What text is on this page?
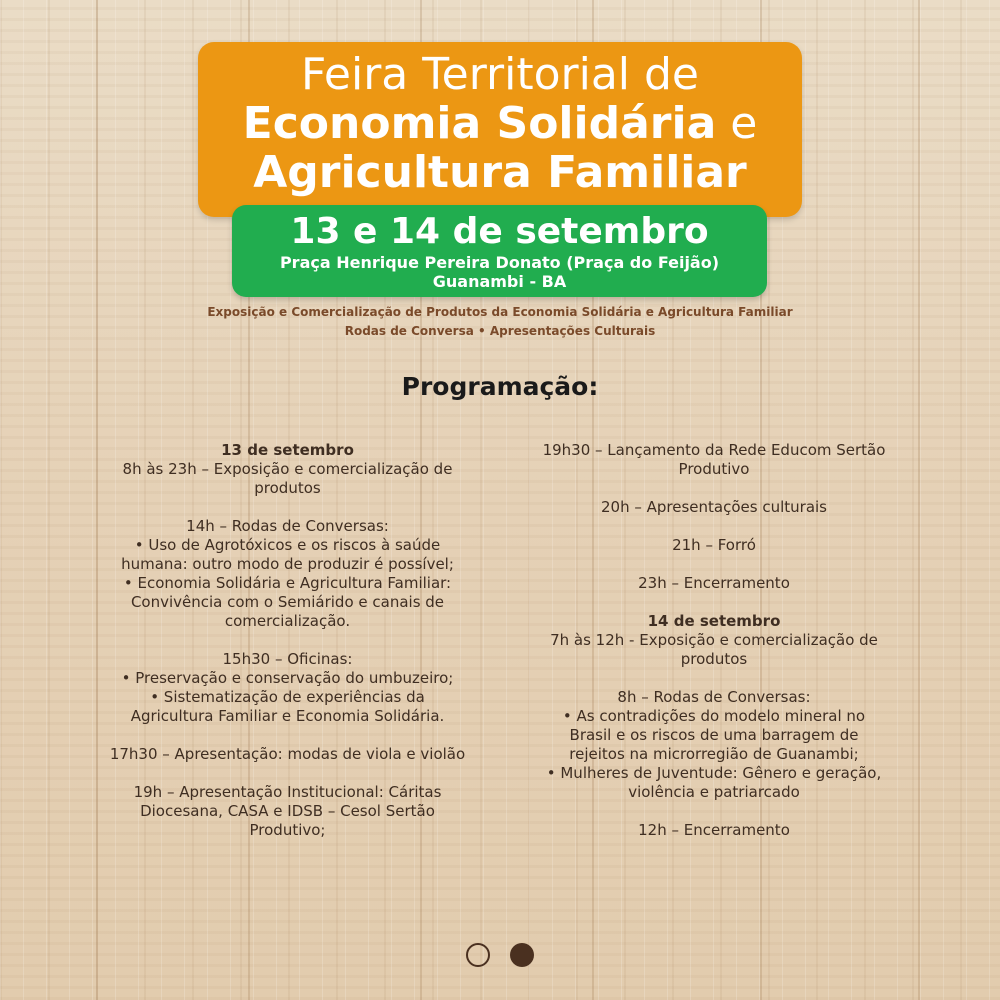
Feira Territorial de
Economia Solidária e
Agricultura Familiar
13 e 14 de setembro
Praça Henrique Pereira Donato (Praça do Feijão)
Guanambi - BA
Exposição e Comercialização de Produtos da Economia Solidária e Agricultura Familiar
Rodas de Conversa • Apresentações Culturais
Programação:
13 de setembro
8h às 23h – Exposição e comercialização de
produtos
14h – Rodas de Conversas:
• Uso de Agrotóxicos e os riscos à saúde
humana: outro modo de produzir é possível;
• Economia Solidária e Agricultura Familiar:
Convivência com o Semiárido e canais de
comercialização.
15h30 – Oficinas:
• Preservação e conservação do umbuzeiro;
• Sistematização de experiências da
Agricultura Familiar e Economia Solidária.
17h30 – Apresentação: modas de viola e violão
19h – Apresentação Institucional: Cáritas
Diocesana, CASA e IDSB – Cesol Sertão
Produtivo;
19h30 – Lançamento da Rede Educom Sertão
Produtivo
20h – Apresentações culturais
21h – Forró
23h – Encerramento
14 de setembro
7h às 12h - Exposição e comercialização de
produtos
8h – Rodas de Conversas:
• As contradições do modelo mineral no
Brasil e os riscos de uma barragem de
rejeitos na microrregião de Guanambi;
• Mulheres de Juventude: Gênero e geração,
violência e patriarcado
12h – Encerramento
